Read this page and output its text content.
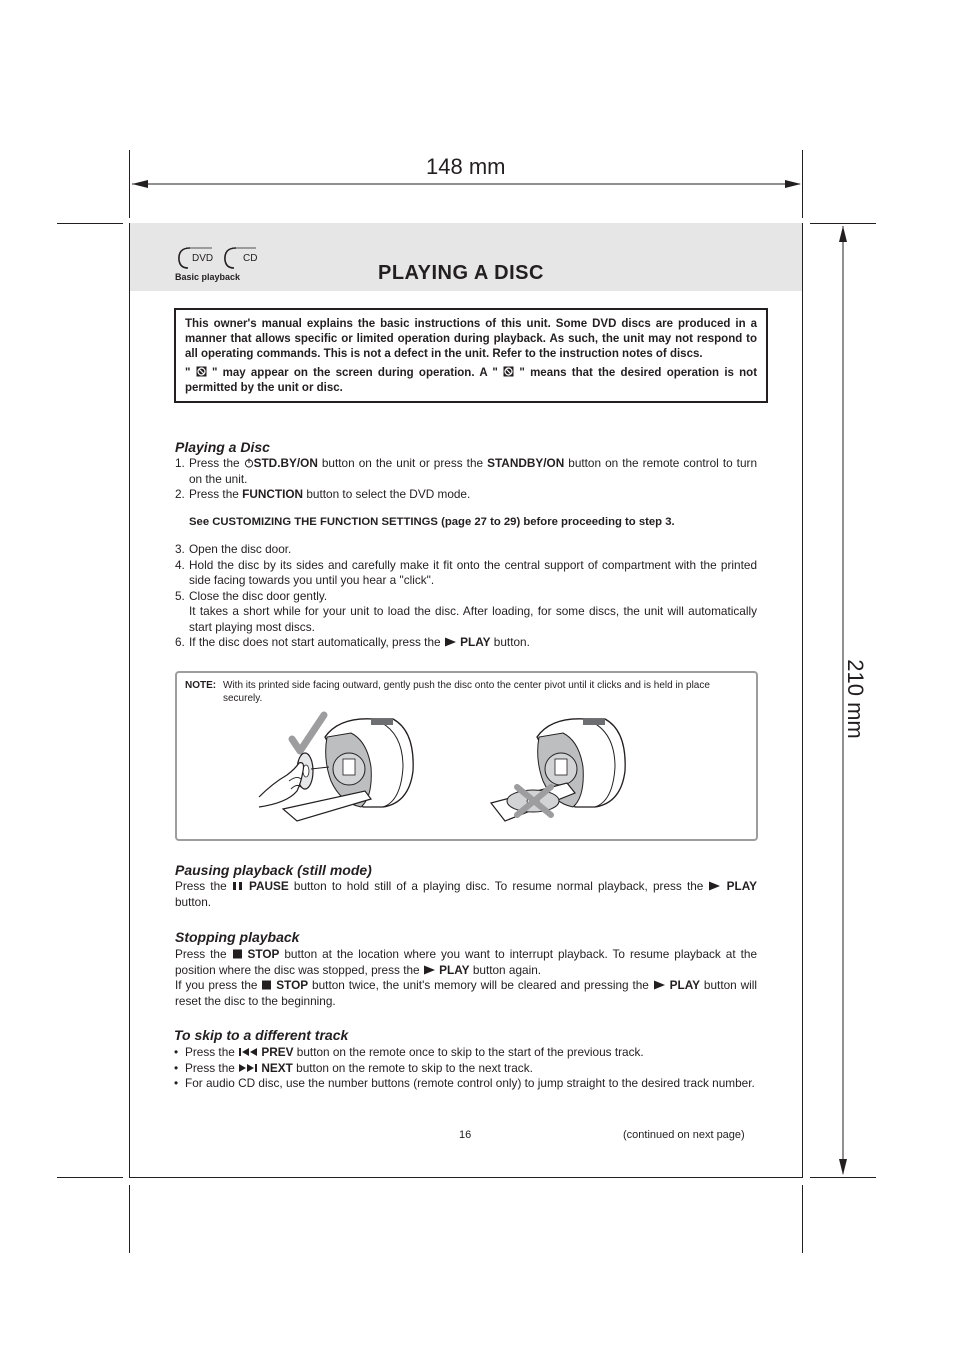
148 mm
210 mm
DVD	CD
Basic playback	PLAYING A DISC

This owner's manual explains the basic instructions of this unit. Some DVD discs are produced in a manner that allows specific or limited operation during playback. As such, the unit may not respond to all operating commands. This is not a defect in the unit. Refer to the instruction notes of discs.

" " may appear on the screen during operation. A " " means that the desired operation is not permitted by the unit or disc.

Playing a Disc
1. Press the STD.BY/ON button on the unit or press the STANDBY/ON button on the remote control to turn on the unit.
2. Press the FUNCTION button to select the DVD mode.
See CUSTOMIZING THE FUNCTION SETTINGS (page 27 to 29) before proceeding to step 3.
3. Open the disc door.
4. Hold the disc by its sides and carefully make it fit onto the central support of compartment with the printed side facing towards you until you hear a "click".
5. Close the disc door gently.
It takes a short while for your unit to load the disc. After loading, for some discs, the unit will automatically start playing most discs.
6. If the disc does not start automatically, press the  PLAY button.
NOTE: With its printed side facing outward, gently push the disc onto the center pivot until it clicks and is held in place securely.
Pausing playback (still mode)
Press the  PAUSE button to hold still of a playing disc. To resume normal playback, press the  PLAY button.
Stopping playback
Press the  STOP button at the location where you want to interrupt playback. To resume playback at the position where the disc was stopped, press the  PLAY button again.
If you press the  STOP button twice, the unit's memory will be cleared and pressing the  PLAY button will reset the disc to the beginning.
To skip to a different track
• Press the  PREV button on the remote once to skip to the start of the previous track.
• Press the  NEXT button on the remote to skip to the next track.
• For audio CD disc, use the number buttons (remote control only) to jump straight to the desired track number.
16	(continued on next page)
